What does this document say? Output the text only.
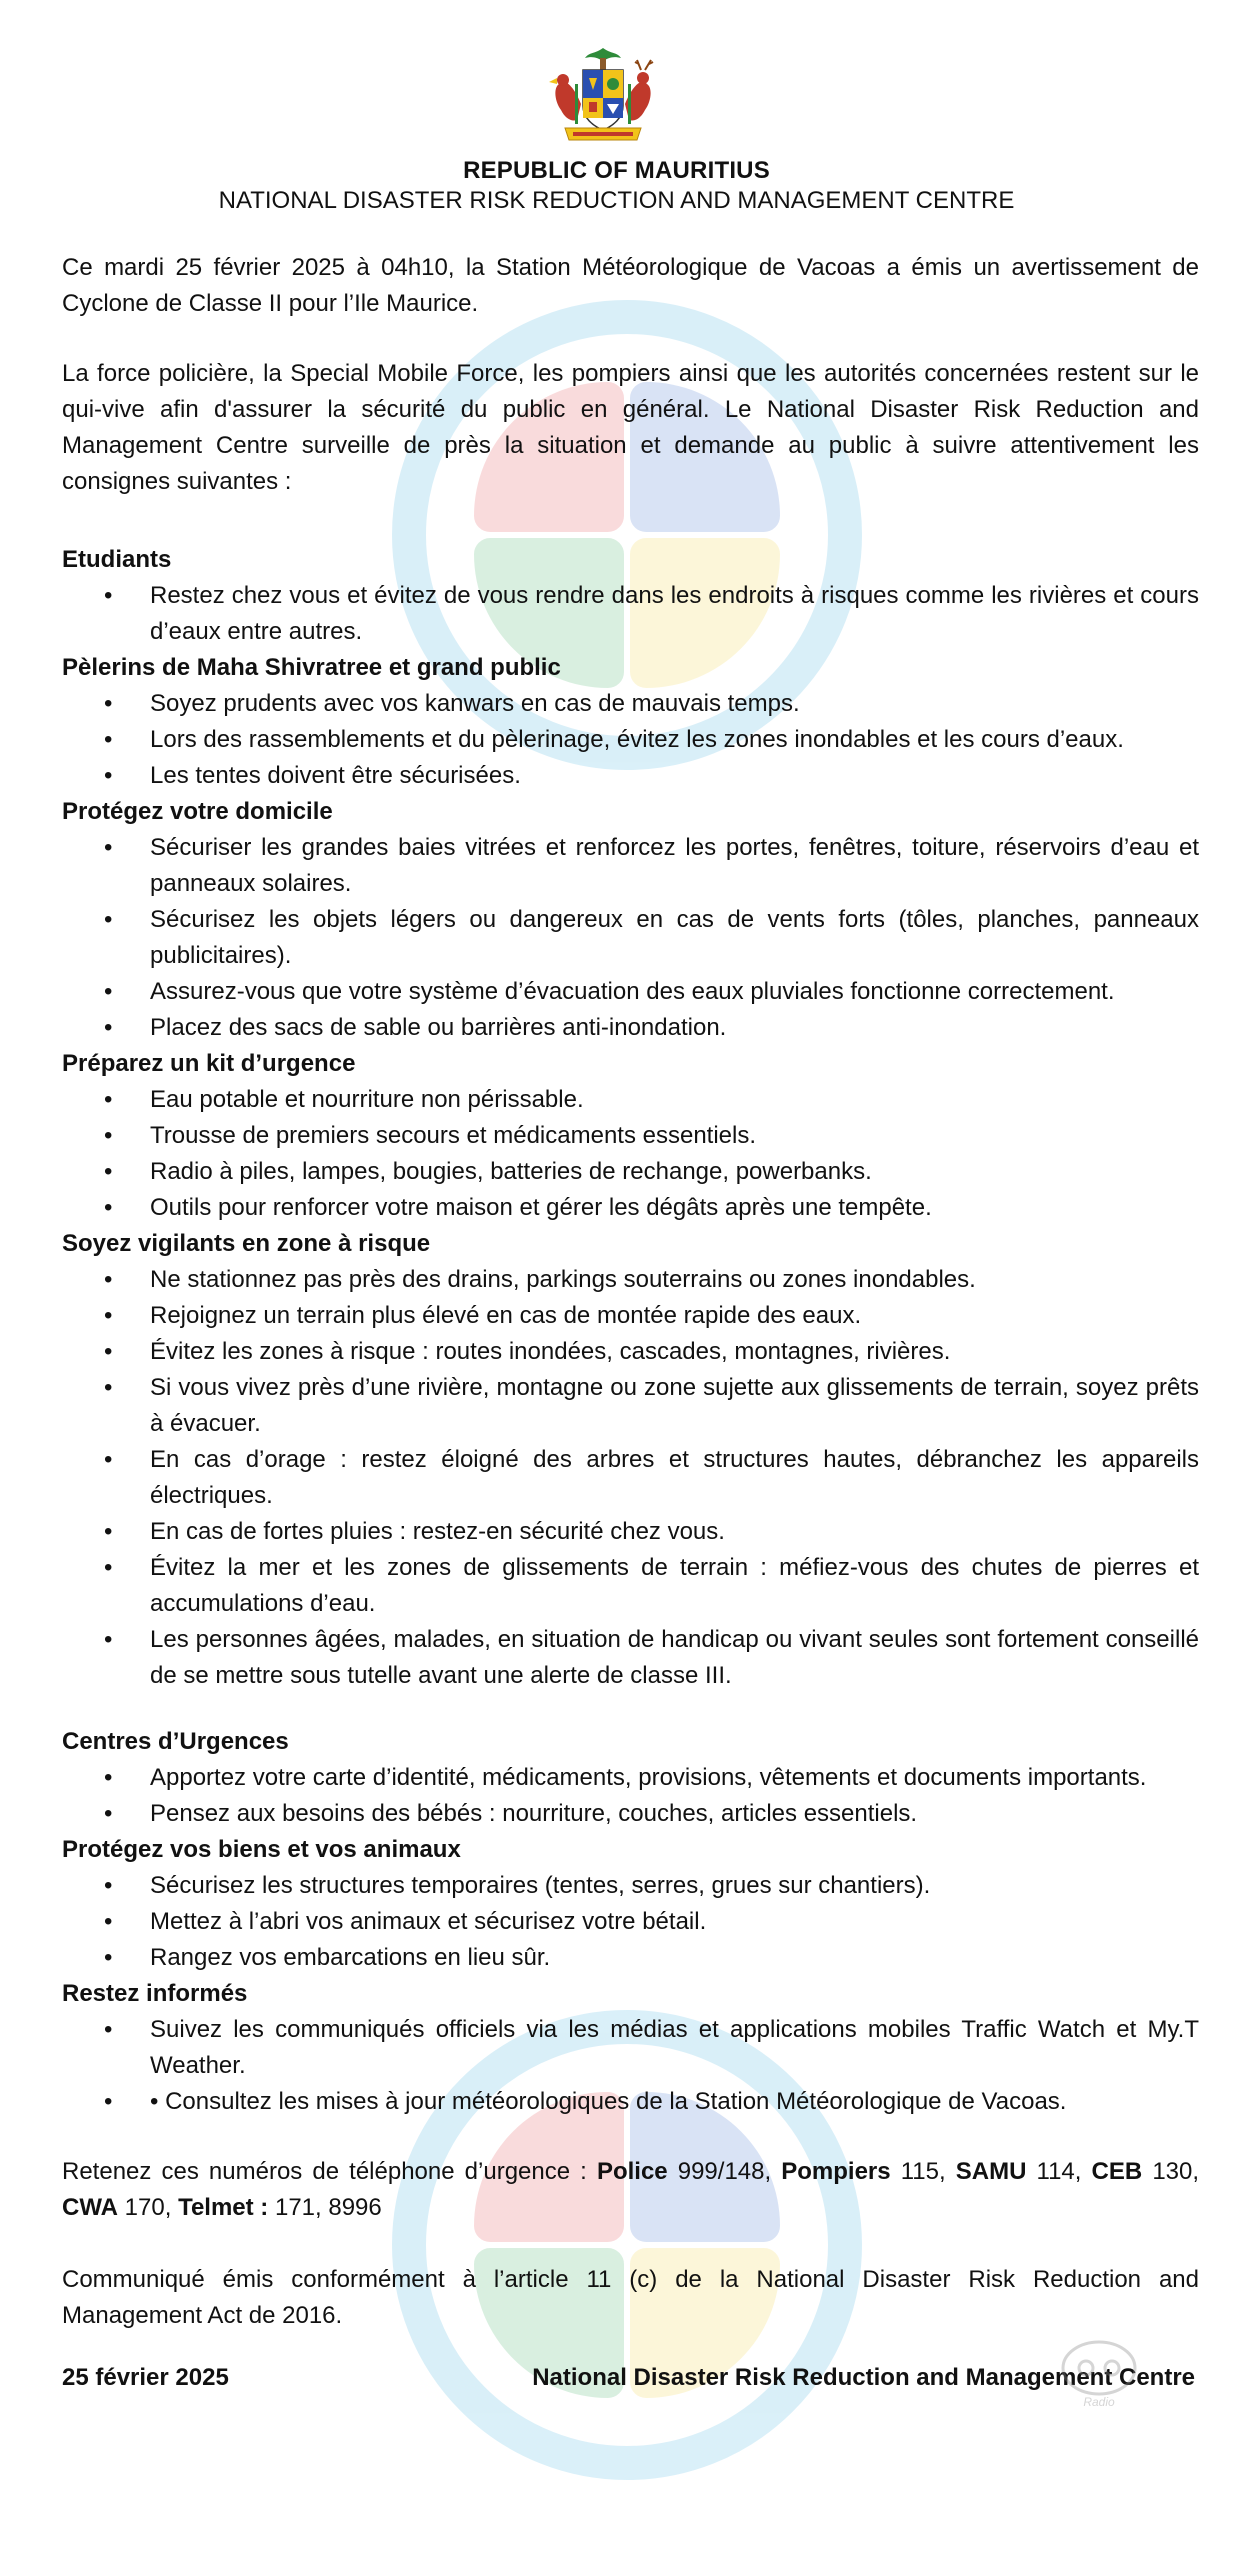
REPUBLIC OF MAURITIUS
NATIONAL DISASTER RISK REDUCTION AND MANAGEMENT CENTRE

Ce mardi 25 février 2025 à 04h10, la Station Météorologique de Vacoas a émis un avertissement de Cyclone de Classe II pour l’Ile Maurice.

La force policière, la Special Mobile Force, les pompiers ainsi que les autorités concernées restent sur le qui-vive afin d'assurer la sécurité du public en général. Le National Disaster Risk Reduction and Management Centre surveille de près la situation et demande au public à suivre attentivement les consignes suivantes :

Etudiants
• Restez chez vous et évitez de vous rendre dans les endroits à risques comme les rivières et cours d’eaux entre autres.
Pèlerins de Maha Shivratree et grand public
• Soyez prudents avec vos kanwars en cas de mauvais temps.
• Lors des rassemblements et du pèlerinage, évitez les zones inondables et les cours d’eaux.
• Les tentes doivent être sécurisées.
Protégez votre domicile
• Sécuriser les grandes baies vitrées et renforcez les portes, fenêtres, toiture, réservoirs d’eau et panneaux solaires.
• Sécurisez les objets légers ou dangereux en cas de vents forts (tôles, planches, panneaux publicitaires).
• Assurez-vous que votre système d’évacuation des eaux pluviales fonctionne correctement.
• Placez des sacs de sable ou barrières anti-inondation.
Préparez un kit d’urgence
• Eau potable et nourriture non périssable.
• Trousse de premiers secours et médicaments essentiels.
• Radio à piles, lampes, bougies, batteries de rechange, powerbanks.
• Outils pour renforcer votre maison et gérer les dégâts après une tempête.
Soyez vigilants en zone à risque
• Ne stationnez pas près des drains, parkings souterrains ou zones inondables.
• Rejoignez un terrain plus élevé en cas de montée rapide des eaux.
• Évitez les zones à risque : routes inondées, cascades, montagnes, rivières.
• Si vous vivez près d’une rivière, montagne ou zone sujette aux glissements de terrain, soyez prêts à évacuer.
• En cas d’orage : restez éloigné des arbres et structures hautes, débranchez les appareils électriques.
• En cas de fortes pluies : restez-en sécurité chez vous.
• Évitez la mer et les zones de glissements de terrain : méfiez-vous des chutes de pierres et accumulations d’eau.
• Les personnes âgées, malades, en situation de handicap ou vivant seules sont fortement conseillé de se mettre sous tutelle avant une alerte de classe III.
Centres d’Urgences
• Apportez votre carte d’identité, médicaments, provisions, vêtements et documents importants.
• Pensez aux besoins des bébés : nourriture, couches, articles essentiels.
Protégez vos biens et vos animaux
• Sécurisez les structures temporaires (tentes, serres, grues sur chantiers).
• Mettez à l’abri vos animaux et sécurisez votre bétail.
• Rangez vos embarcations en lieu sûr.
Restez informés
• Suivez les communiqués officiels via les médias et applications mobiles Traffic Watch et My.T Weather.
• • Consultez les mises à jour météorologiques de la Station Météorologique de Vacoas.
Retenez ces numéros de téléphone d’urgence : Police 999/148, Pompiers 115, SAMU 114, CEB 130, CWA 170, Telmet : 171, 8996

Communiqué émis conformément à l’article 11 (c) de la National Disaster Risk Reduction and Management Act de 2016.

25 février 2025	National Disaster Risk Reduction and Management Centre
Radio
